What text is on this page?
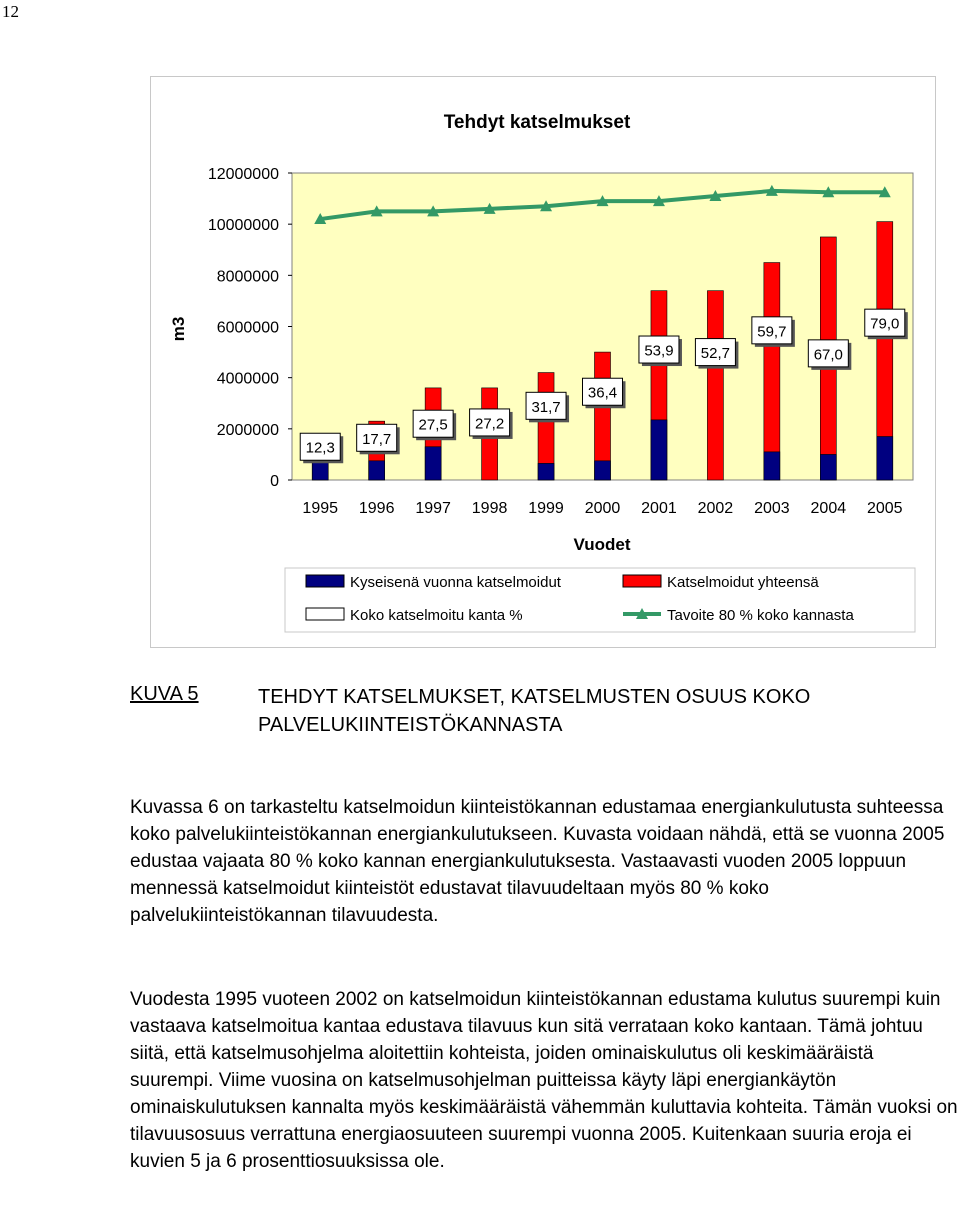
12
Tehdyt katselmukset
0
2000000
4000000
6000000
8000000
10000000
12000000
1995 1996 1997 1998 1999 2000 2001 2002 2003 2004 2005
12,3
17,7
27,5 27,2
31,7
36,4
53,9 52,7
59,7
67,0
79,0
m3
Vuodet
Kyseisenä vuonna katselmoidut	Katselmoidut yhteensä
Koko katselmoitu kanta %	Tavoite 80 % koko kannasta
KUVA 5	TEHDYT KATSELMUKSET, KATSELMUSTEN OSUUS KOKO PALVELUKIINTEISTÖKANNASTA

Kuvassa 6 on tarkasteltu katselmoidun kiinteistökannan edustamaa energiankulutusta suhteessa koko palvelukiinteistökannan energiankulutukseen. Kuvasta voidaan nähdä, että se vuonna 2005 edustaa vajaata 80 % koko kannan energiankulutuksesta. Vastaavasti vuoden 2005 loppuun mennessä katselmoidut kiinteistöt edustavat tilavuudeltaan myös 80 % koko palvelukiinteistökannan tilavuudesta.

Vuodesta 1995 vuoteen 2002 on katselmoidun kiinteistökannan edustama kulutus suurempi kuin vastaava katselmoitua kantaa edustava tilavuus kun sitä verrataan koko kantaan. Tämä johtuu siitä, että katselmusohjelma aloitettiin kohteista, joiden ominaiskulutus oli keskimääräistä suurempi. Viime vuosina on katselmusohjelman puitteissa käyty läpi energiankäytön ominaiskulutuksen kannalta myös keskimääräistä vähemmän kuluttavia kohteita. Tämän vuoksi on tilavuusosuus verrattuna energiaosuuteen suurempi vuonna 2005. Kuitenkaan suuria eroja ei kuvien 5 ja 6 prosenttiosuuksissa ole.
